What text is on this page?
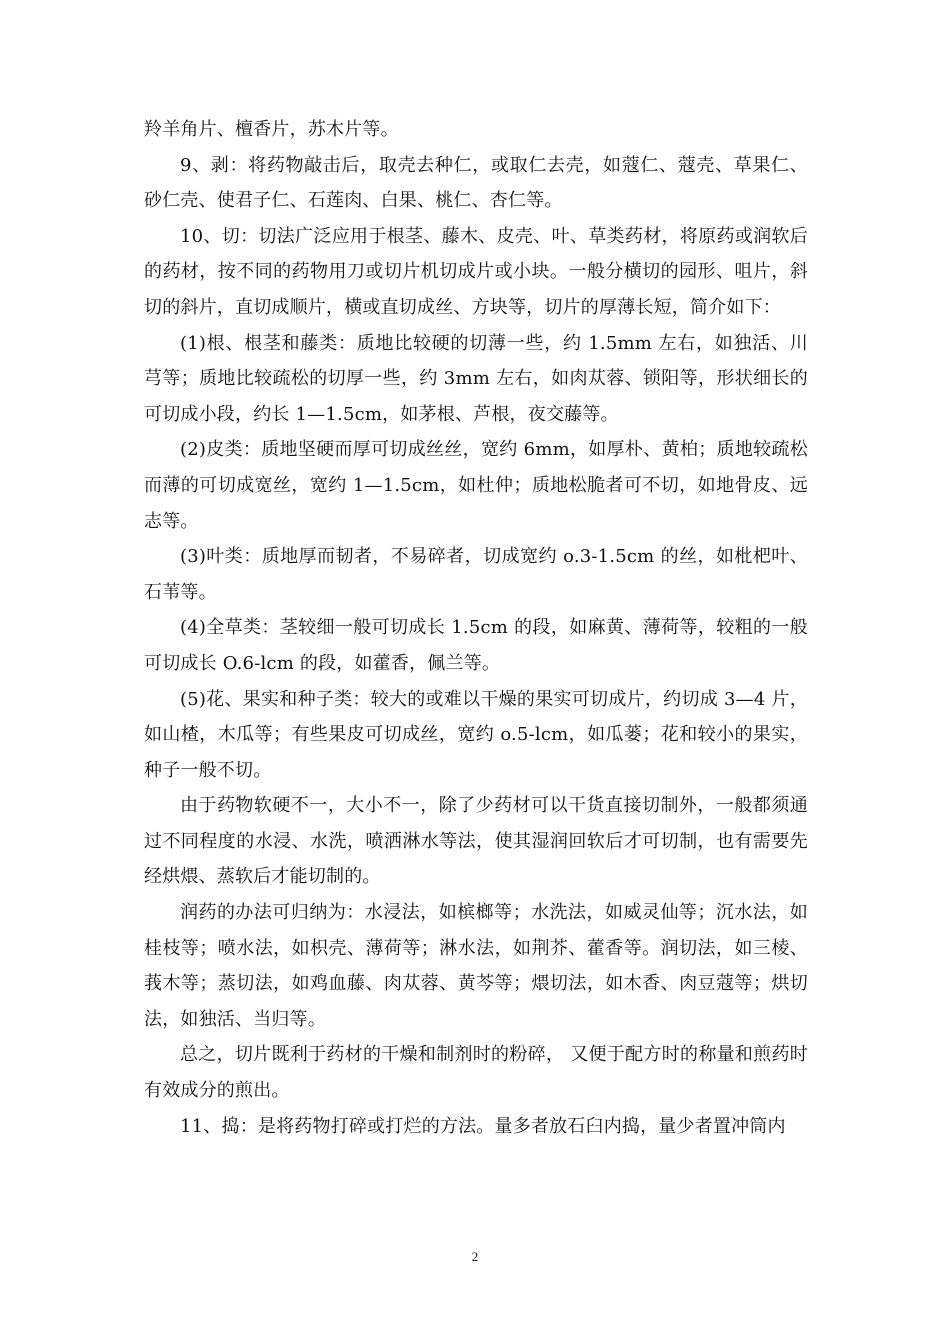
羚羊角片、檀香片，苏木片等。

9、剥：将药物敲击后，取壳去种仁，或取仁去壳，如蔻仁、蔻壳、草果仁、砂仁壳、使君子仁、石莲肉、白果、桃仁、杏仁等。

10、切：切法广泛应用于根茎、藤木、皮壳、叶、草类药材，将原药或润软后的药材，按不同的药物用刀或切片机切成片或小块。一般分横切的园形、咀片，斜切的斜片，直切成顺片，横或直切成丝、方块等，切片的厚薄长短，简介如下：

(1)根、根茎和藤类：质地比较硬的切薄一些，约 1.5mm 左右，如独活、川芎等；质地比较疏松的切厚一些，约 3mm 左右，如肉苁蓉、锁阳等，形状细长的可切成小段，约长 1—1.5cm，如茅根、芦根，夜交藤等。

(2)皮类：质地坚硬而厚可切成丝丝，宽约 6mm，如厚朴、黄柏；质地较疏松而薄的可切成宽丝，宽约 1—1.5cm，如杜仲；质地松脆者可不切，如地骨皮、远志等。

(3)叶类：质地厚而韧者，不易碎者，切成宽约 o.3-1.5cm 的丝，如枇杷叶、石苇等。

(4)全草类：茎较细一般可切成长 1.5cm 的段，如麻黄、薄荷等，较粗的一般可切成长 O.6-lcm 的段，如藿香，佩兰等。

(5)花、果实和种子类：较大的或难以干燥的果实可切成片，约切成 3—4 片，如山楂，木瓜等；有些果皮可切成丝，宽约 o.5-lcm，如瓜蒌；花和较小的果实，种子一般不切。

由于药物软硬不一，大小不一，除了少药材可以干货直接切制外，一般都须通过不同程度的水浸、水洗，喷洒淋水等法，使其湿润回软后才可切制，也有需要先经烘煨、蒸软后才能切制的。

润药的办法可归纳为：水浸法，如槟榔等；水洗法，如威灵仙等；沉水法，如桂枝等；喷水法，如枳壳、薄荷等；淋水法，如荆芥、藿香等。润切法，如三棱、莪木等；蒸切法，如鸡血藤、肉苁蓉、黄芩等；煨切法，如木香、肉豆蔻等；烘切法，如独活、当归等。

总之，切片既利于药材的干燥和制剂时的粉碎， 又便于配方时的称量和煎药时有效成分的煎出。

11、捣：是将药物打碎或打烂的方法。量多者放石臼内捣，量少者置冲筒内

2
